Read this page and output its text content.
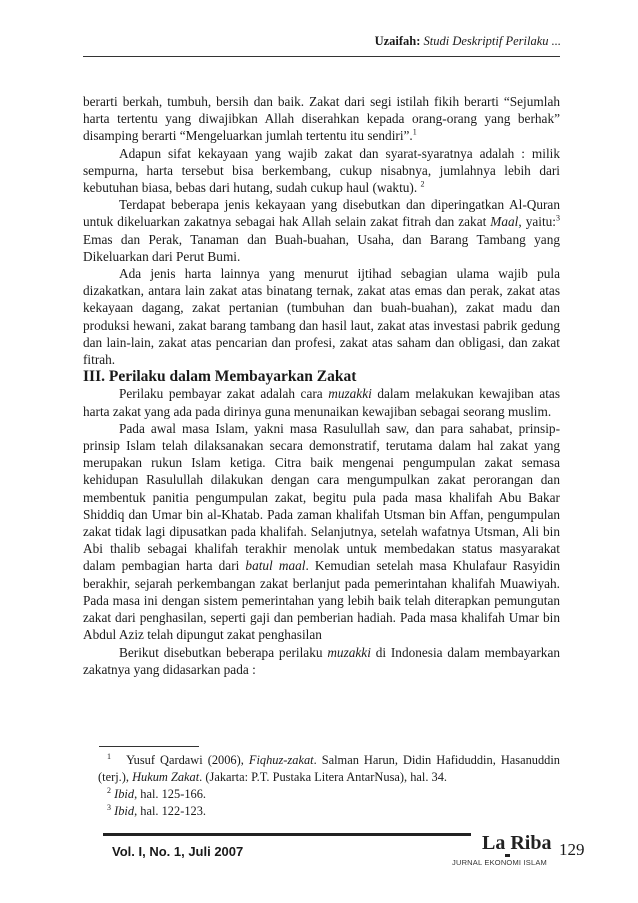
Uzaifah: Studi Deskriptif Perilaku ...

berarti berkah, tumbuh, bersih dan baik. Zakat dari segi istilah fikih berarti “Sejumlah harta tertentu yang diwajibkan Allah diserahkan kepada orang-orang yang berhak” disamping berarti “Mengeluarkan jumlah tertentu itu sendiri”.$^1$

Adapun sifat kekayaan yang wajib zakat dan syarat-syaratnya adalah : milik sempurna, harta tersebut bisa berkembang, cukup nisabnya, jumlahnya lebih dari kebutuhan biasa, bebas dari hutang, sudah cukup haul (waktu). $^2$

Terdapat beberapa jenis kekayaan yang disebutkan dan diperingatkan Al-Quran untuk dikeluarkan zakatnya sebagai hak Allah selain zakat fitrah dan zakat Maal, yaitu:$^3$ Emas dan Perak, Tanaman dan Buah-buahan, Usaha, dan Barang Tambang yang Dikeluarkan dari Perut Bumi.

Ada jenis harta lainnya yang menurut ijtihad sebagian ulama wajib pula dizakatkan, antara lain zakat atas binatang ternak, zakat atas emas dan perak, zakat atas kekayaan dagang, zakat pertanian (tumbuhan dan buah-buahan), zakat madu dan produksi hewani, zakat barang tambang dan hasil laut, zakat atas investasi pabrik gedung dan lain-lain, zakat atas pencarian dan profesi, zakat atas saham dan obligasi, dan zakat fitrah.

III. Perilaku dalam Membayarkan Zakat

Perilaku pembayar zakat adalah cara muzakki dalam melakukan kewajiban atas harta zakat yang ada pada dirinya guna menunaikan kewajiban sebagai seorang muslim.

Pada awal masa Islam, yakni masa Rasulullah saw, dan para sahabat, prinsip-prinsip Islam telah dilaksanakan secara demonstratif, terutama dalam hal zakat yang merupakan rukun Islam ketiga. Citra baik mengenai pengumpulan zakat semasa kehidupan Rasulullah dilakukan dengan cara mengumpulkan zakat perorangan dan membentuk panitia pengumpulan zakat, begitu pula pada masa khalifah Abu Bakar Shiddiq dan Umar bin al-Khatab. Pada zaman khalifah Utsman bin Affan, pengumpulan zakat tidak lagi dipusatkan pada khalifah. Selanjutnya, setelah wafatnya Utsman, Ali bin Abi thalib sebagai khalifah terakhir menolak untuk membedakan status masyarakat dalam pembagian harta dari batul maal. Kemudian setelah masa Khulafaur Rasyidin berakhir, sejarah perkembangan zakat berlanjut pada pemerintahan khalifah Muawiyah. Pada masa ini dengan sistem pemerintahan yang lebih baik telah diterapkan pemungutan zakat dari penghasilan, seperti gaji dan pemberian hadiah. Pada masa khalifah Umar bin Abdul Aziz telah dipungut zakat penghasilan

Berikut disebutkan beberapa perilaku muzakki di Indonesia dalam membayarkan zakatnya yang didasarkan pada :

$^1$ Yusuf Qardawi (2006), Fiqhuz-zakat. Salman Harun, Didin Hafiduddin, Hasanuddin (terj.), Hukum Zakat. (Jakarta: P.T. Pustaka Litera AntarNusa), hal. 34.

$^2$ Ibid, hal. 125-166.

$^3$ Ibid, hal. 122-123.

Vol. I, No. 1, Juli 2007	La Riba
JURNAL EKONOMI ISLAM
129
